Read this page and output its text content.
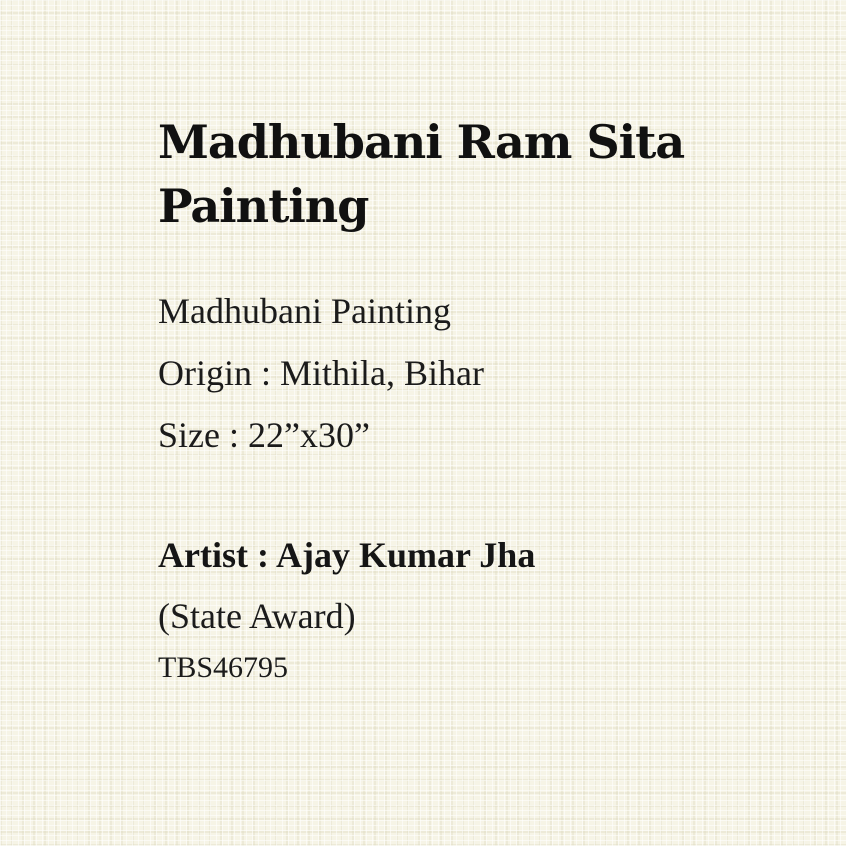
Madhubani Ram Sita
Painting
Madhubani Painting
Origin : Mithila, Bihar
Size : 22”x30”
Artist : Ajay Kumar Jha
(State Award)
TBS46795
